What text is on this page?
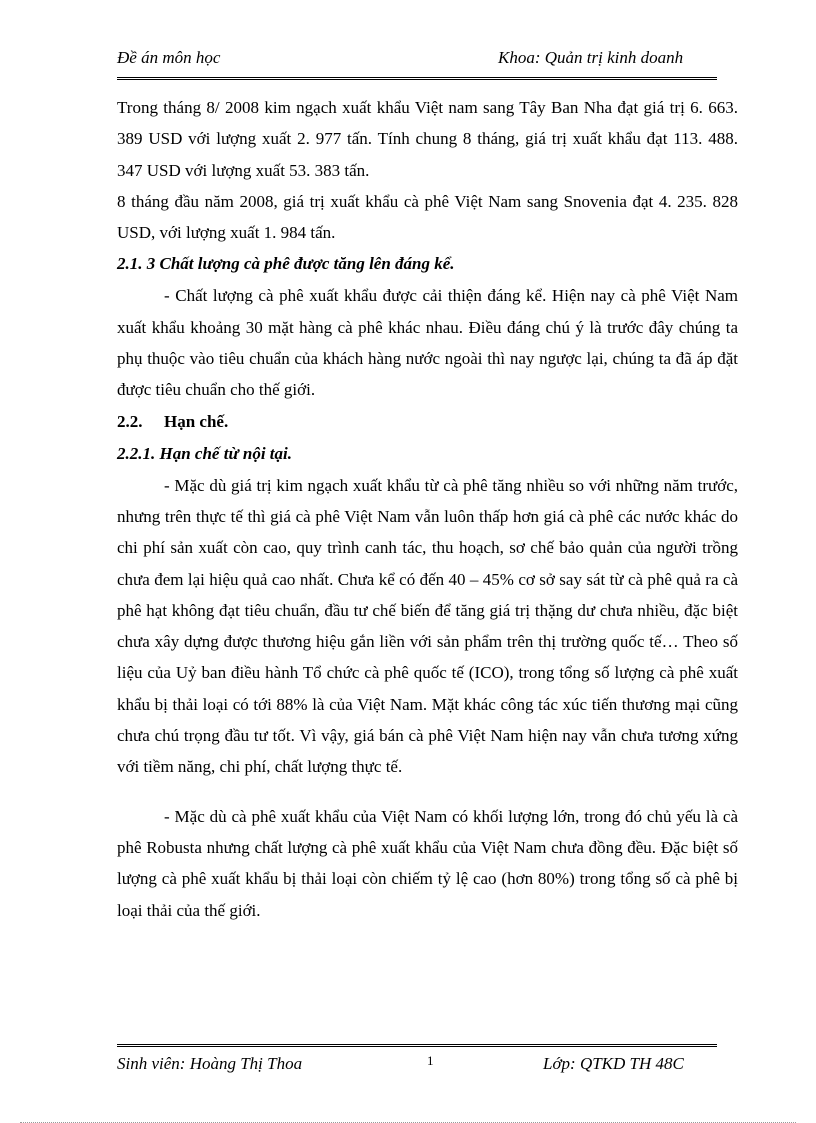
Đề án môn học	Khoa: Quản trị kinh doanh

Trong tháng 8/ 2008 kim ngạch xuất khẩu Việt nam sang Tây Ban Nha đạt giá trị 6. 663. 389 USD với lượng xuất 2. 977 tấn. Tính chung 8 tháng, giá trị xuất khẩu đạt 113. 488. 347 USD với lượng xuất 53. 383 tấn.

8 tháng đầu năm 2008, giá trị xuất khẩu cà phê Việt Nam sang Snovenia đạt 4. 235. 828 USD, với lượng xuất 1. 984 tấn.

2.1. 3 Chất lượng cà phê được tăng lên đáng kể.

- Chất lượng cà phê xuất khẩu được cải thiện đáng kể. Hiện nay cà phê Việt Nam xuất khẩu khoảng 30 mặt hàng cà phê khác nhau. Điều đáng chú ý là trước đây chúng ta phụ thuộc vào tiêu chuẩn của khách hàng nước ngoài thì nay ngược lại, chúng ta đã áp đặt được tiêu chuẩn cho thế giới.

2.2. Hạn chế.

2.2.1. Hạn chế từ nội tại.

- Mặc dù giá trị kim ngạch xuất khẩu từ cà phê tăng nhiều so với những năm trước, nhưng trên thực tế thì giá cà phê Việt Nam vẫn luôn thấp hơn giá cà phê các nước khác do chi phí sản xuất còn cao, quy trình canh tác, thu hoạch, sơ chế bảo quản của người trồng chưa đem lại hiệu quả cao nhất. Chưa kể có đến 40 – 45% cơ sở say sát từ cà phê quả ra cà phê hạt không đạt tiêu chuẩn, đầu tư chế biến để tăng giá trị thặng dư chưa nhiều, đặc biệt chưa xây dựng được thương hiệu gắn liền với sản phẩm trên thị trường quốc tế… Theo số liệu của Uỷ ban điều hành Tổ chức cà phê quốc tế (ICO), trong tổng số lượng cà phê xuất khẩu bị thải loại có tới 88% là của Việt Nam. Mặt khác công tác xúc tiến thương mại cũng chưa chú trọng đầu tư tốt. Vì vậy, giá bán cà phê Việt Nam hiện nay vẫn chưa tương xứng với tiềm năng, chi phí, chất lượng thực tế.

- Mặc dù cà phê xuất khẩu của Việt Nam có khối lượng lớn, trong đó chủ yếu là cà phê Robusta nhưng chất lượng cà phê xuất khẩu của Việt Nam chưa đồng đều. Đặc biệt số lượng cà phê xuất khẩu bị thải loại còn chiếm tỷ lệ cao (hơn 80%) trong tổng số cà phê bị loại thải của thế giới.

Sinh viên: Hoàng Thị Thoa	1	Lớp: QTKD TH 48C
